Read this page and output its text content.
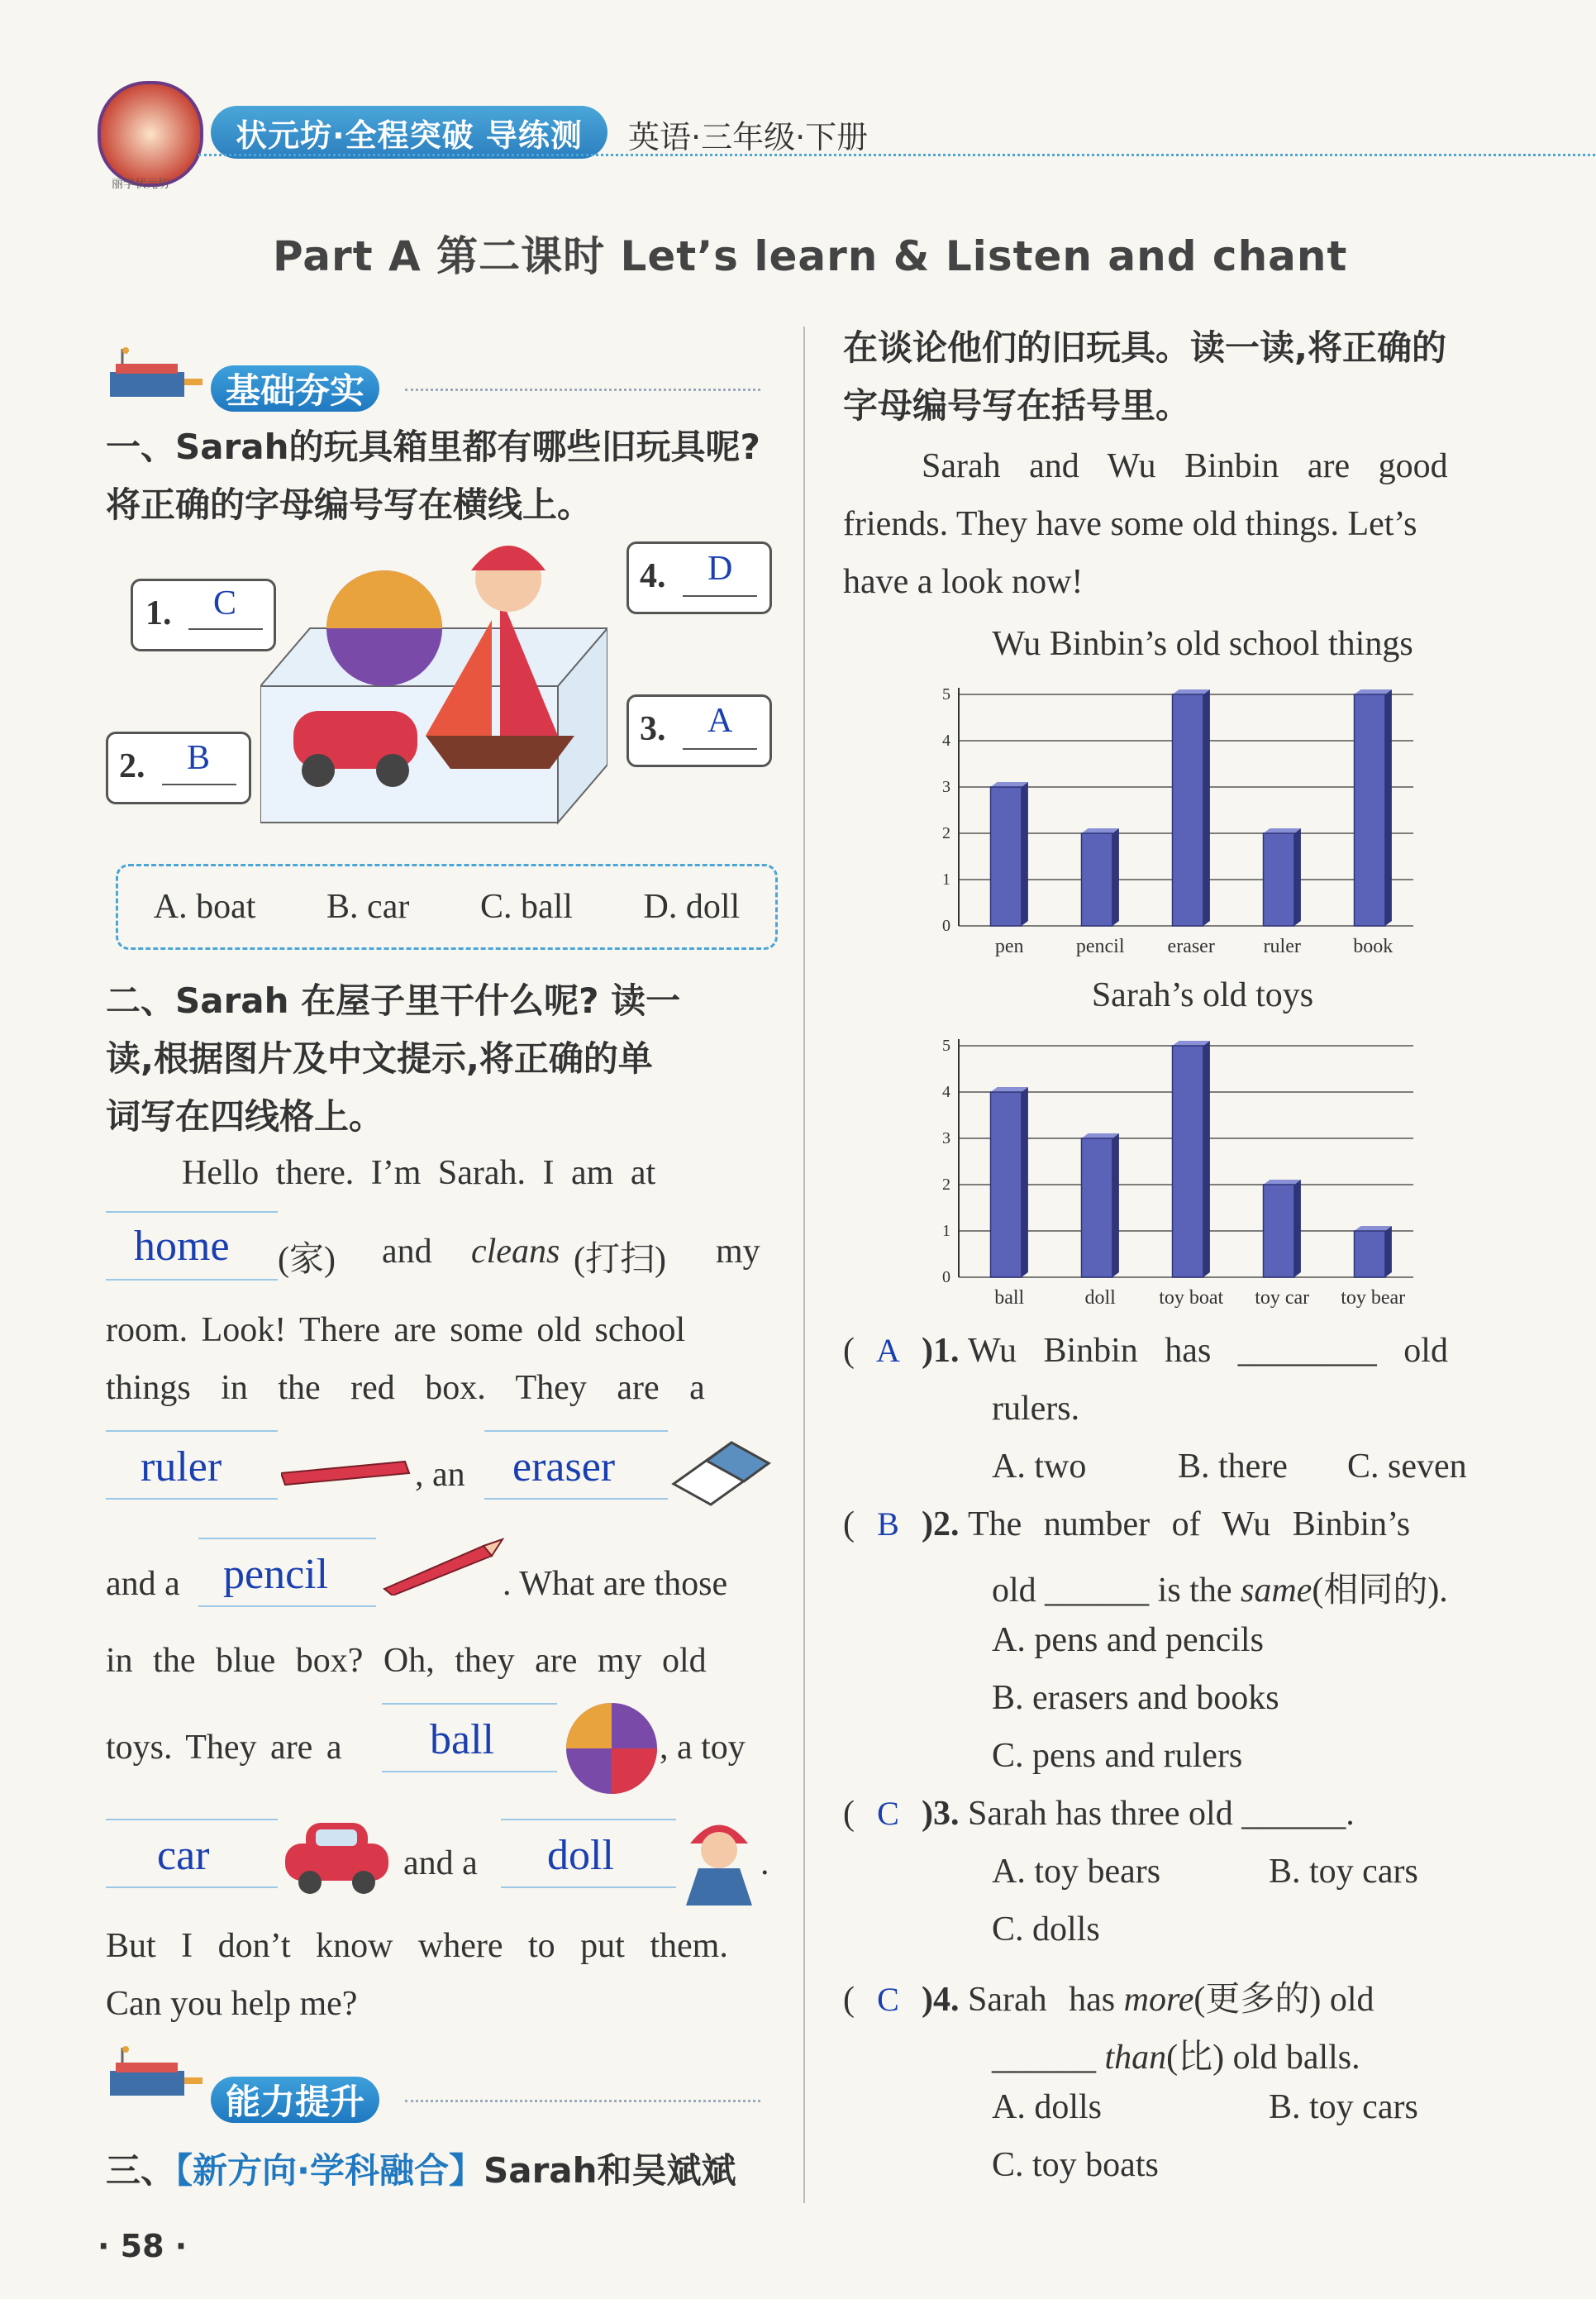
丽学状元坊
状元坊·全程突破 导练测	英语·三年级·下册
Part A 第二课时 Let’s learn & Listen and chant
基础夯实
一、Sarah的玩具箱里都有哪些旧玩具呢?
将正确的字母编号写在横线上。
1. C
4. D
3. A
2. B
A. boat B. car C. ball D. doll
二、Sarah 在屋子里干什么呢? 读一
读,根据图片及中文提示,将正确的单
词写在四线格上。
Hello there. I’m Sarah. I am at
home (家) and cleans (打扫) my
room. Look! There are some old school
things in the red box. They are a
ruler	, an eraser
and a pencil	. What are those
in the blue box? Oh, they are my old
toys. They are a ball	, a toy
car	and a doll	.
But I don’t know where to put them.
Can you help me?
能力提升
三、【新方向·学科融合】Sarah和吴斌斌
在谈论他们的旧玩具。读一读,将正确的
字母编号写在括号里。
Sarah and Wu Binbin are good
friends. They have some old things. Let’s
have a look now!
Wu Binbin’s old school things
0
1
2
3
4
5
pen	pencil eraser ruler	book
Sarah’s old toys
0
1
2
3
4
5
ball	doll toy boat toy car toy bear
( A )1. Wu Binbin has ________ old
rulers.
A. two	B. there C. seven
( B )2. The number of Wu Binbin’s
old ______ is the same(相同的).
A. pens and pencils
B. erasers and books
C. pens and rulers
( C )3. Sarah has three old ______.
A. toy bears	B. toy cars
C. dolls
( C )4. Sarah has more(更多的) old
______ than(比) old balls.
A. dolls	B. toy cars
C. toy boats
· 58 ·
